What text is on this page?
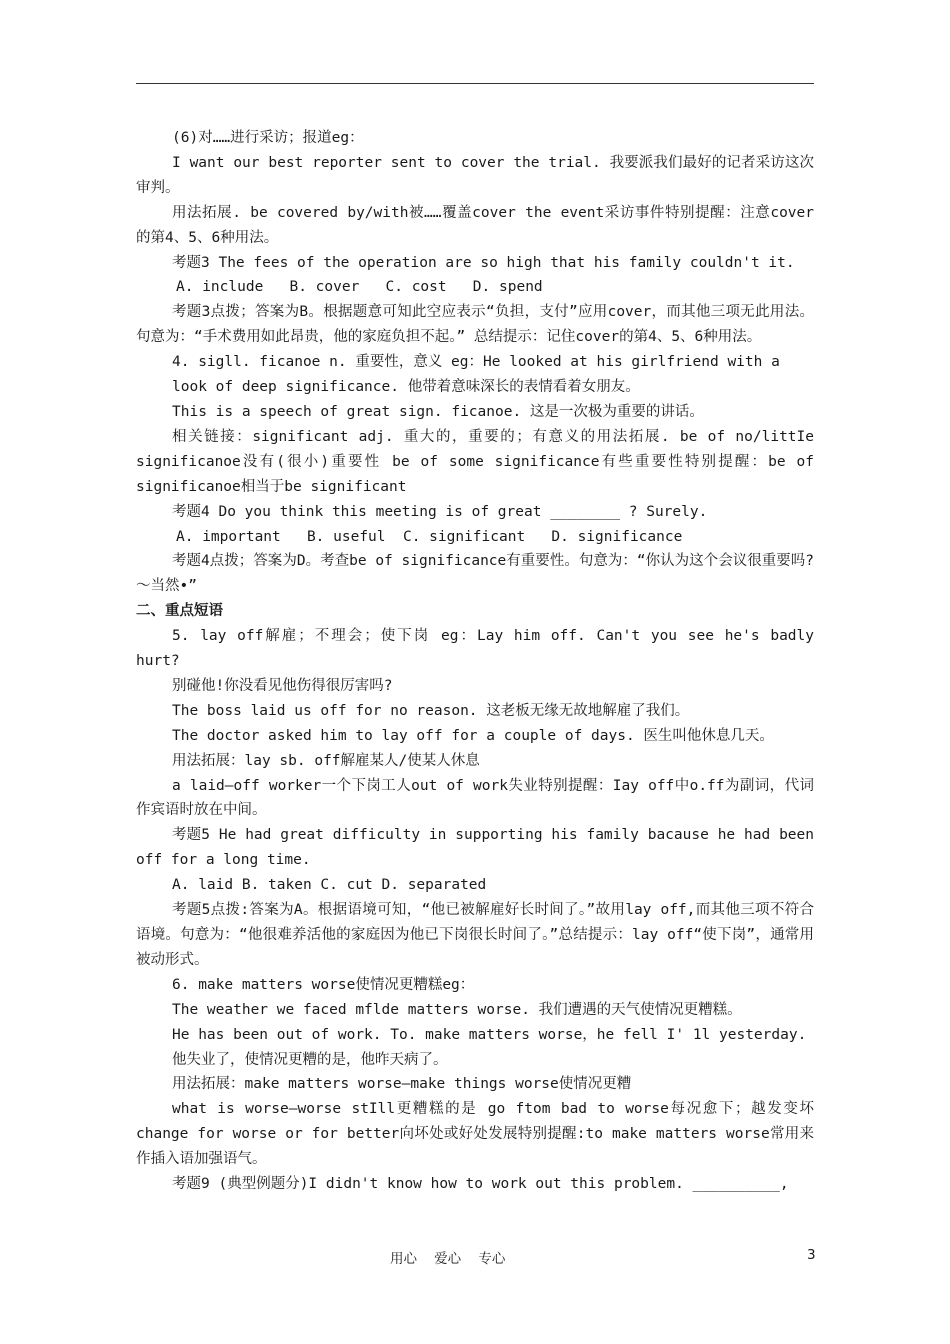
(6)对……进行采访；报道eg：

I want our best reporter sent to cover the trial. 我要派我们最好的记者采访这次审判。

用法拓展. be covered by/with被……覆盖cover the event采访事件特别提醒：注意cover的第4、5、6种用法。

考题3 The fees of the operation are so high that his family couldn't it.

A. include   B. cover   C. cost   D. spend

考题3点拨；答案为B。根据题意可知此空应表示“负担，支付”应用cover，而其他三项无此用法。句意为：“手术费用如此昂贵，他的家庭负担不起。” 总结提示：记住cover的第4、5、6种用法。

4. sigll. ficanoe n. 重要性，意义 eg：He looked at his girlfriend with a

look of deep significance. 他带着意味深长的表情看着女朋友。

This is a speech of great sign. ficanoe. 这是一次极为重要的讲话。

相关链接：significant adj. 重大的，重要的；有意义的用法拓展. be of no/littIe significanoe没有(很小)重要性 be of some significance有些重要性特别提醒：be of significanoe相当于be significant

考题4 Do you think this meeting is of great ________ ? Surely.

A. important   B. useful  C. significant   D. significance

考题4点拨；答案为D。考查be of significance有重要性。句意为：“你认为这个会议很重要吗?～当然•”

二、重点短语

5. lay off解雇；不理会；使下岗 eg：Lay him off. Can't you see he's badly hurt?

别碰他!你没看见他伤得很厉害吗?

The boss laid us off for no reason. 这老板无缘无故地解雇了我们。

The doctor asked him to lay off for a couple of days. 医生叫他休息几天。

用法拓展：lay sb. off解雇某人/使某人休息

a laid—off worker一个下岗工人out of work失业特别提醒：Iay off中o.ff为副词，代词作宾语时放在中间。

考题5 He had great difficulty in supporting his family bacause he had been off for a long time.

A. laid B. taken C. cut D. separated

考题5点拨:答案为A。根据语境可知，“他已被解雇好长时间了。”故用lay off,而其他三项不符合语境。句意为：“他很难养活他的家庭因为他已下岗很长时间了。”总结提示：lay off“使下岗”，通常用被动形式。

6. make matters worse使情况更糟糕eg：

The weather we faced mflde matters worse. 我们遭遇的天气使情况更糟糕。

He has been out of work. To. make matters worse，he fell I' 1l yesterday.

他失业了，使情况更糟的是，他昨天病了。

用法拓展：make matters worse—make things worse使情况更糟

what is worse—worse stIll更糟糕的是 go ftom bad to worse每况愈下；越发变坏change for worse or for better向坏处或好处发展特别提醒:to make matters worse常用来作插入语加强语气。

考题9 (典型例题分)I didn't know how to work out this problem. __________,

用心    爱心    专心	3
